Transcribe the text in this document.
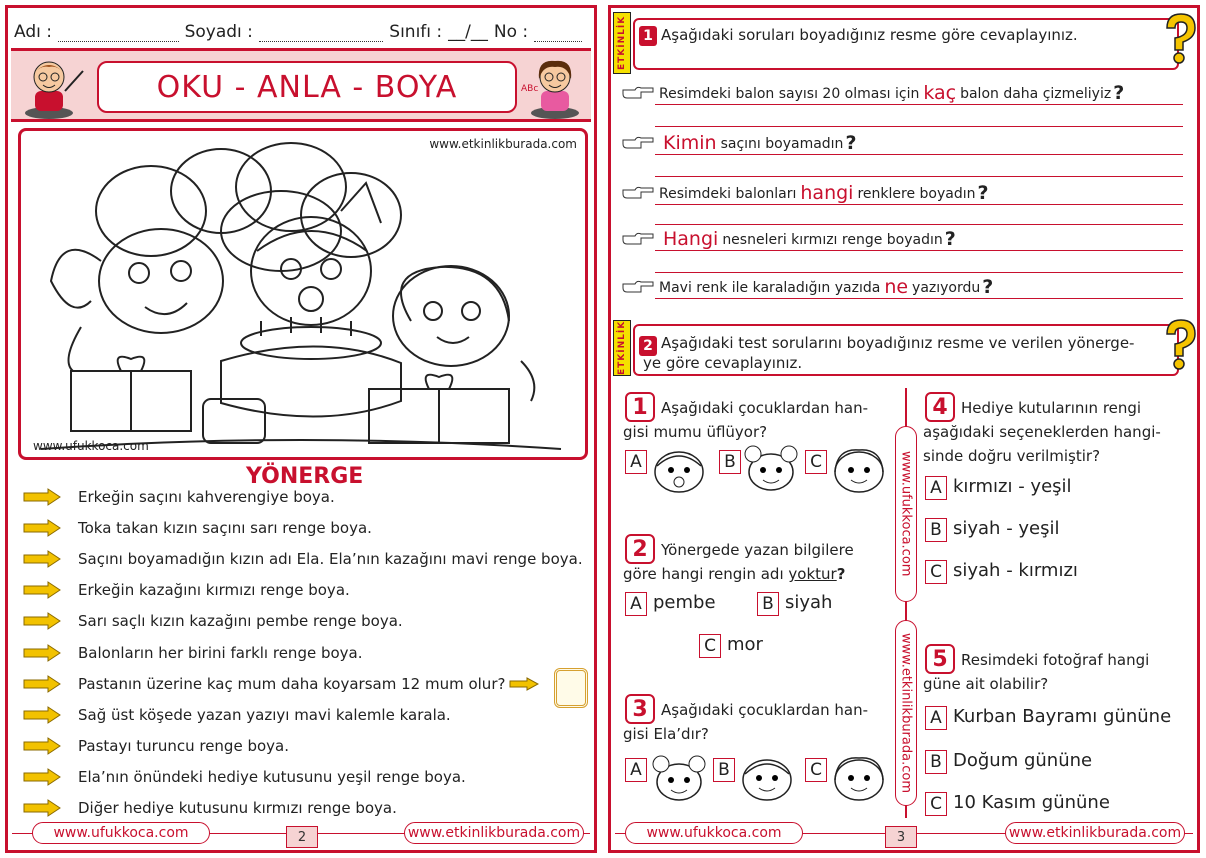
Adı :	Soyadı :	Sınıfı : __/__ No :
OKU - ANLA - BOYA	ABc
www.etkinlikburada.com
www.ufukkoca.com
YÖNERGE
Erkeğin saçını kahverengiye boya.
Toka takan kızın saçını sarı renge boya.
Saçını boyamadığın kızın adı Ela. Ela’nın kazağını mavi renge boya.
Erkeğin kazağını kırmızı renge boya.
Sarı saçlı kızın kazağını pembe renge boya.
Balonların her birini farklı renge boya.
Pastanın üzerine kaç mum daha koyarsam 12 mum olur?
Sağ üst köşede yazan yazıyı mavi kalemle karala.
Pastayı turuncu renge boya.
Ela’nın önündeki hediye kutusunu yeşil renge boya.
Diğer hediye kutusunu kırmızı renge boya.
www.ufukkoca.com	2	www.etkinlikburada.com
ETKİNLİK 1 Aşağıdaki soruları boyadığınız resme göre cevaplayınız.
Resimdeki balon sayısı 20 olması için kaç balon daha çizmeliyiz ?
Kimin saçını boyamadın ?
Resimdeki balonları hangi renklere boyadın ?
Hangi nesneleri kırmızı renge boyadın ?
Mavi renk ile karaladığın yazıda ne yazıyordu ?
ETKİNLİK 2 Aşağıdaki test sorularını boyadığınız resme ve verilen yönerge-
ye göre cevaplayınız.
www.ufukkoca.com
www.etkinlikburada.com
1 Aşağıdaki çocuklardan han-
gisi mumu üflüyor?
A	B	C
2 Yönergede yazan bilgilere
göre hangi rengin adı yoktur?
A pembe	B siyah
C mor
3 Aşağıdaki çocuklardan han-
gisi Ela’dır?
A	B	C
4 Hediye kutularının rengi
aşağıdaki seçeneklerden hangi-
sinde doğru verilmiştir?
A kırmızı - yeşil
B siyah - yeşil
C siyah - kırmızı
5 Resimdeki fotoğraf hangi
güne ait olabilir?
A Kurban Bayramı gününe
B Doğum gününe
C 10 Kasım gününe
www.ufukkoca.com	3	www.etkinlikburada.com
